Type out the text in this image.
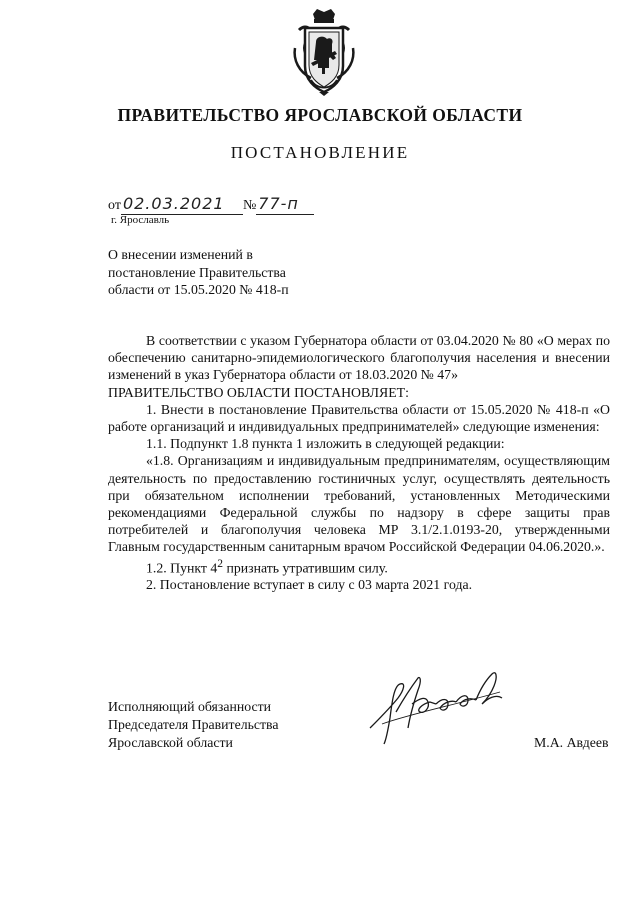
ПРАВИТЕЛЬСТВО ЯРОСЛАВСКОЙ ОБЛАСТИ
ПОСТАНОВЛЕНИЕ
от 02.03.2021 № 77-п
г. Ярославль
О внесении изменений в
постановление Правительства
области от 15.05.2020 № 418-п

В соответствии с указом Губернатора области от 03.04.2020 № 80 «О мерах по обеспечению санитарно-эпидемиологического благополучия населения и внесении изменений в указ Губернатора области от 18.03.2020 № 47»

ПРАВИТЕЛЬСТВО ОБЛАСТИ ПОСТАНОВЛЯЕТ:

1. Внести в постановление Правительства области от 15.05.2020 № 418-п «О работе организаций и индивидуальных предпринимателей» следующие изменения:

1.1. Подпункт 1.8 пункта 1 изложить в следующей редакции:

«1.8. Организациям и индивидуальным предпринимателям, осуществляющим деятельность по предоставлению гостиничных услуг, осуществлять деятельность при обязательном исполнении требований, установленных Методическими рекомендациями Федеральной службы по надзору в сфере защиты прав потребителей и благополучия человека МР 3.1/2.1.0193-20, утвержденными Главным государственным санитарным врачом Российской Федерации 04.06.2020.».

1.2. Пункт $4^2$ признать утратившим силу.

2. Постановление вступает в силу с 03 марта 2021 года.

Исполняющий обязанности
Председателя Правительства
Ярославской области	М.А. Авдеев
